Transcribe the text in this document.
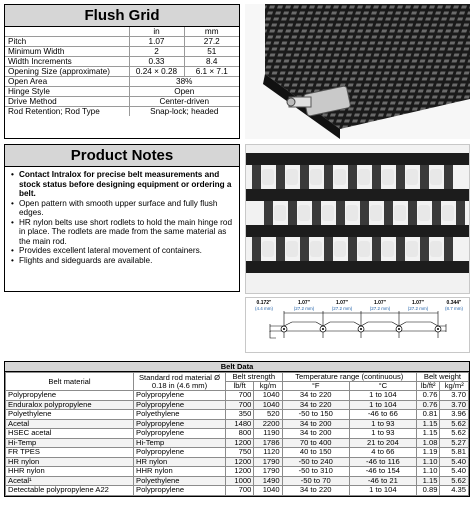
Flush Grid
	in	mm
Pitch	1.07	27.2
Minimum Width	2	51
Width Increments	0.33	8.4
Opening Size (approximate)	0.24 × 0.28	6.1 × 7.1
Open Area	38%	
Hinge Style	Open	
Drive Method	Center-driven	
Rod Retention; Rod Type	Snap-lock; headed	
Product Notes
• Contact Intralox for precise belt measurements and stock status before designing equipment or ordering a belt.
• Open pattern with smooth upper surface and fully flush edges.
• HR nylon belts use short rodlets to hold the main hinge rod in place. The rodlets are made from the same material as the main rod.
• Provides excellent lateral movement of containers.
• Flights and sideguards are available.
0.172"	1.07"	1.07"	1.07"	1.07"	0.344"
(4.4 mm)	(27.2 mm)	(27.2 mm)	(27.2 mm)	(27.2 mm)	(8.7 mm)
Belt Data
Belt material	Standard rod material Ø 0.18 in (4.6 mm)	Belt strength		Temperature range (continuous)		Belt weight	
		lb/ft	kg/m	°F	°C	lb/ft²	kg/m²
Polypropylene	Polypropylene	700	1040	34 to 220	1 to 104	0.76	3.70
Enduralox polypropylene	Polypropylene	700	1040	34 to 220	1 to 104	0.76	3.70
Polyethylene	Polyethylene	350	520	-50 to 150	-46 to 66	0.81	3.96
Acetal	Polypropylene	1480	2200	34 to 200	1 to 93	1.15	5.62
HSEC acetal	Polypropylene	800	1190	34 to 200	1 to 93	1.15	5.62
Hi-Temp	Hi-Temp	1200	1786	70 to 400	21 to 204	1.08	5.27
FR TPES	Polypropylene	750	1120	40 to 150	4 to 66	1.19	5.81
HR nylon	HR nylon	1200	1790	-50 to 240	-46 to 116	1.10	5.40
HHR nylon	HHR nylon	1200	1790	-50 to 310	-46 to 154	1.10	5.40
Acetal¹	Polyethylene	1000	1490	-50 to 70	-46 to 21	1.15	5.62
Detectable polypropylene A22	Polypropylene	700	1040	34 to 220	1 to 104	0.89	4.35
